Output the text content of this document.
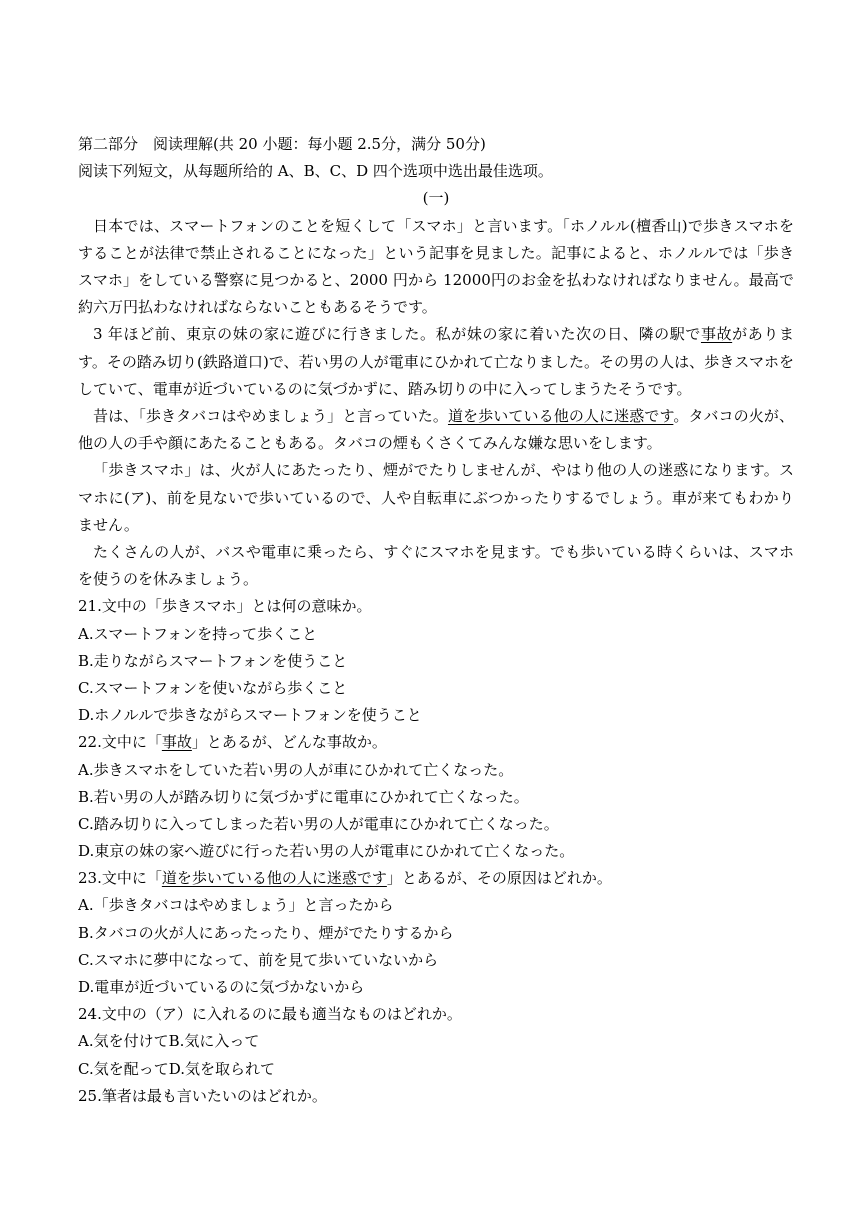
第二部分　阅读理解(共 20 小题：每小题 2.5分，满分 50分)
阅读下列短文，从每题所给的 A、B、C、D 四个选项中选出最佳选项。
(一)
日本では、スマートフォンのことを短くして「スマホ」と言います。「ホノルル(檀香山)で歩きスマホをすることが法律で禁止されることになった」という記事を見ました。記事によると、ホノルルでは「歩きスマホ」をしている警察に見つかると、2000 円から 12000円のお金を払わなければなりません。最高で約六万円払わなければならないこともあるそうです。
3 年ほど前、東京の妹の家に遊びに行きました。私が妹の家に着いた次の日、隣の駅で事故があります。その踏み切り(鉄路道口)で、若い男の人が電車にひかれて亡なりました。その男の人は、歩きスマホをしていて、電車が近づいているのに気づかずに、踏み切りの中に入ってしまうたそうです。
昔は、「歩きタバコはやめましょう」と言っていた。道を歩いている他の人に迷惑です。タバコの火が、他の人の手や顔にあたることもある。タバコの煙もくさくてみんな嫌な思いをします。
「歩きスマホ」は、火が人にあたったり、煙がでたりしませんが、やはり他の人の迷惑になります。スマホに(ア)、前を見ないで歩いているので、人や自転車にぶつかったりするでしょう。車が来てもわかりません。
たくさんの人が、バスや電車に乗ったら、すぐにスマホを見ます。でも歩いている時くらいは、スマホを使うのを休みましょう。
21.文中の「歩きスマホ」とは何の意味か。
A.スマートフォンを持って歩くこと
B.走りながらスマートフォンを使うこと
C.スマートフォンを使いながら歩くこと
D.ホノルルで歩きながらスマートフォンを使うこと
22.文中に「事故」とあるが、どんな事故か。
A.歩きスマホをしていた若い男の人が車にひかれて亡くなった。
B.若い男の人が踏み切りに気づかずに電車にひかれて亡くなった。
C.踏み切りに入ってしまった若い男の人が電車にひかれて亡くなった。
D.東京の妹の家へ遊びに行った若い男の人が電車にひかれて亡くなった。
23.文中に「道を歩いている他の人に迷惑です」とあるが、その原因はどれか。
A.「歩きタバコはやめましょう」と言ったから
B.タバコの火が人にあったったり、煙がでたりするから
C.スマホに夢中になって、前を見て歩いていないから
D.電車が近づいているのに気づかないから
24.文中の（ア）に入れるのに最も適当なものはどれか。
A.気を付けてB.気に入って
C.気を配ってD.気を取られて
25.筆者は最も言いたいのはどれか。
